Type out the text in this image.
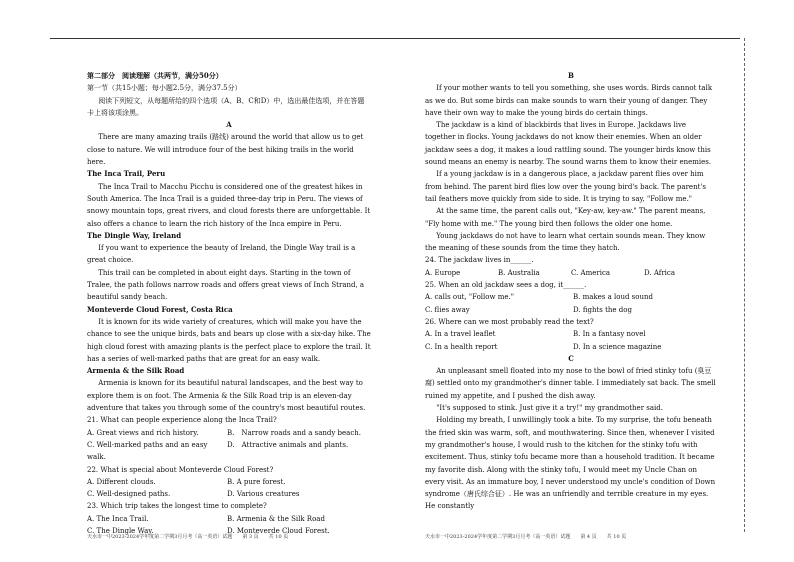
第二部分　阅读理解（共两节，满分50分）

第一节（共15小题；每小题2.5分，满分37.5分）

阅读下列短文，从每题所给的四个选项（A、B、C和D）中，选出最佳选项，并在答题卡上将该项涂黑。

A

There are many amazing trails (路线) around the world that allow us to get close to nature. We will introduce four of the best hiking trails in the world here.

The Inca Trail, Peru

The Inca Trail to Macchu Picchu is considered one of the greatest hikes in South America. The Inca Trail is a guided three-day trip in Peru. The views of snowy mountain tops, great rivers, and cloud forests there are unforgettable. It also offers a chance to learn the rich history of the Inca empire in Peru.

The Dingle Way, Ireland

If you want to experience the beauty of Ireland, the Dingle Way trail is a great choice.

This trail can be completed in about eight days. Starting in the town of Tralee, the path follows narrow roads and offers great views of Inch Strand, a beautiful sandy beach.

Monteverde Cloud Forest, Costa Rica

It is known for its wide variety of creatures, which will make you have the chance to see the unique birds, bats and bears up close with a six-day hike. The high cloud forest with amazing plants is the perfect place to explore the trail. It has a series of well-marked paths that are great for an easy walk.

Armenia & the Silk Road

Armenia is known for its beautiful natural landscapes, and the best way to explore them is on foot. The Armenia & the Silk Road trip is an eleven-day adventure that takes you through some of the country's most beautiful routes.

21. What can people experience along the Inca Trail?

A. Great views and rich history.	B.　Narrow roads and a sandy beach.
C. Well-marked paths and an easy walk.
D.　Attractive animals and plants.

22. What is special about Monteverde Cloud Forest?

A. Different clouds.	B. A pure forest.
C. Well-designed paths.	D. Various creatures

23. Which trip takes the longest time to complete?

A. The Inca Trail.	B. Armenia & the Silk Road
C. The Dingle Way.	D. Monteverde Cloud Forest.

B

If your mother wants to tell you something, she uses words. Birds cannot talk as we do. But some birds can make sounds to warn their young of danger. They have their own way to make the young birds do certain things.

The jackdaw is a kind of blackbirds that lives in Europe. Jackdaws live together in flocks. Young jackdaws do not know their enemies. When an older jackdaw sees a dog, it makes a loud rattling sound. The younger birds know this sound means an enemy is nearby. The sound warns them to know their enemies.

If a young jackdaw is in a dangerous place, a jackdaw parent flies over him from behind. The parent bird flies low over the young bird's back. The parent's tail feathers move quickly from side to side. It is trying to say, "Follow me."

At the same time, the parent calls out, "Key-aw, key-aw." The parent means, "Fly home with me." The young bird then follows the older one home.

Young jackdaws do not have to learn what certain sounds mean. They know the meaning of these sounds from the time they hatch.

24. The jackdaw lives in______.

A. Europe	B. Australia	C. America	D. Africa

25. When an old jackdaw sees a dog, it______.

A. calls out, "Follow me."	B. makes a loud sound
C. flies away	D. fights the dog

26. Where can we most probably read the text?

A. In a travel leaflet	B. In a fantasy novel
C. In a health report	D. In a science magazine

C

An unpleasant smell floated into my nose to the bowl of fried stinky tofu (臭豆腐) settled onto my grandmother's dinner table. I immediately sat back. The smell ruined my appetite, and I pushed the dish away.

"It's supposed to stink. Just give it a try!" my grandmother said.

Holding my breath, I unwillingly took a bite. To my surprise, the tofu beneath the fried skin was warm, soft, and mouthwatering. Since then, whenever I visited my grandmother's house, I would rush to the kitchen for the stinky tofu with excitement. Thus, stinky tofu became more than a household tradition. It became my favorite dish. Along with the stinky tofu, I would meet my Uncle Chan on every visit. As an immature boy, I never understood my uncle's condition of Down syndrome（唐氏综合征）. He was an unfriendly and terrible creature in my eyes. He constantly

天水市一中2023-2024学年度第二学期3月月考（高一英语）试题　　第 3 页　　共 10 页	天水市一中2023-2024学年度第二学期3月月考（高一英语）试题　　第 4 页　　共 10 页
